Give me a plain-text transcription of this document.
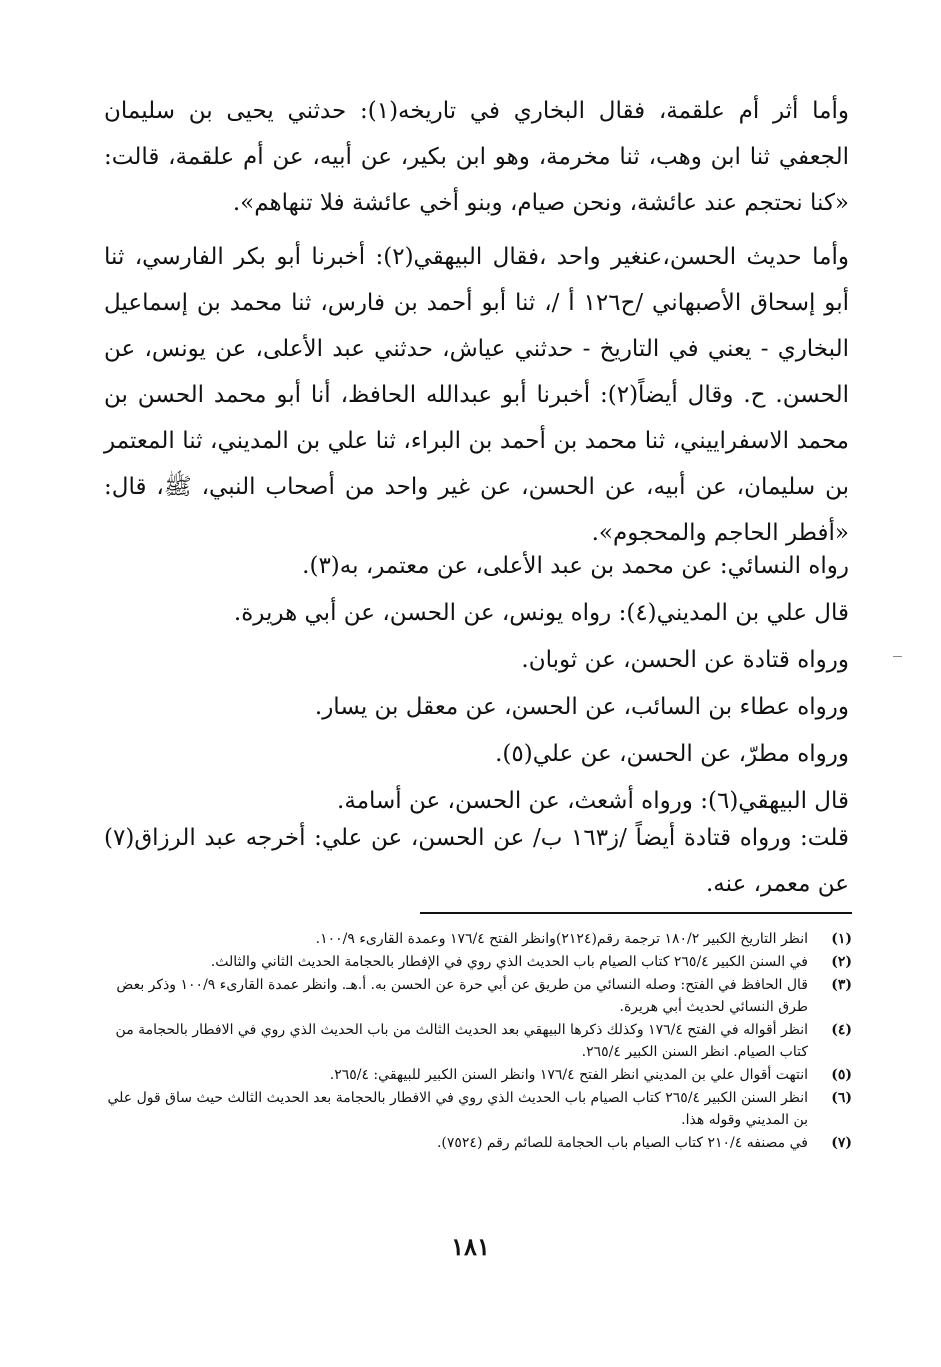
وأما أثر أم علقمة، فقال البخاري في تاريخه(١): حدثني يحيى بن سليمان الجعفي ثنا ابن وهب، ثنا مخرمة، وهو ابن بكير، عن أبيه، عن أم علقمة، قالت: «كنا نحتجم عند عائشة، ونحن صيام، وبنو أخي عائشة فلا تنهاهم».

وأما حديث الحسن،عنغير واحد ،فقال البيهقي(٢): أخبرنا أبو بكر الفارسي، ثنا أبو إسحاق الأصبهاني /ح١٢٦ أ /، ثنا أبو أحمد بن فارس، ثنا محمد بن إسماعيل البخاري - يعني في التاريخ - حدثني عياش، حدثني عبد الأعلى، عن يونس، عن الحسن. ح. وقال أيضاً(٢): أخبرنا أبو عبدالله الحافظ، أنا أبو محمد الحسن بن محمد الاسفراييني، ثنا محمد بن أحمد بن البراء، ثنا علي بن المديني، ثنا المعتمر بن سليمان، عن أبيه، عن الحسن، عن غير واحد من أصحاب النبي، ﷺ، قال: «أفطر الحاجم والمحجوم».

رواه النسائي: عن محمد بن عبد الأعلى، عن معتمر، به(٣).

قال علي بن المديني(٤): رواه يونس، عن الحسن، عن أبي هريرة.

ورواه قتادة عن الحسن، عن ثوبان.

ورواه عطاء بن السائب، عن الحسن، عن معقل بن يسار.

ورواه مطرّ، عن الحسن، عن علي(٥).

قال البيهقي(٦): ورواه أشعث، عن الحسن، عن أسامة.

قلت: ورواه قتادة أيضاً /ز١٦٣ ب/ عن الحسن، عن علي: أخرجه عبد الرزاق(٧) عن معمر، عنه.

(١)
انظر التاريخ الكبير ١٨٠/٢ ترجمة رقم(٢١٢٤)وانظر الفتح ١٧٦/٤ وعمدة القارىء ١٠٠/٩.
(٢)
في السنن الكبير ٢٦٥/٤ كتاب الصيام باب الحديث الذي روي في الإفطار بالحجامة الحديث الثاني والثالث.
(٣)
قال الحافظ في الفتح: وصله النسائي من طريق عن أبي حرة عن الحسن به. أ.هـ. وانظر عمدة القارىء ١٠٠/٩ وذكر بعض طرق النسائي لحديث أبي هريرة.
(٤)
انظر أقواله في الفتح ١٧٦/٤ وكذلك ذكرها البيهقي بعد الحديث الثالث من باب الحديث الذي روي في الافطار بالحجامة من كتاب الصيام. انظر السنن الكبير ٢٦٥/٤.
(٥)
انتهت أقوال علي بن المديني انظر الفتح ١٧٦/٤ وانظر السنن الكبير للبيهقي: ٢٦٥/٤.
(٦)
انظر السنن الكبير ٢٦٥/٤ كتاب الصيام باب الحديث الذي روي في الافطار بالحجامة بعد الحديث الثالث حيث ساق قول علي بن المديني وقوله هذا.
(٧)
في مصنفه ٢١٠/٤ كتاب الصيام باب الحجامة للصائم رقم (٧٥٢٤).
١٨١
